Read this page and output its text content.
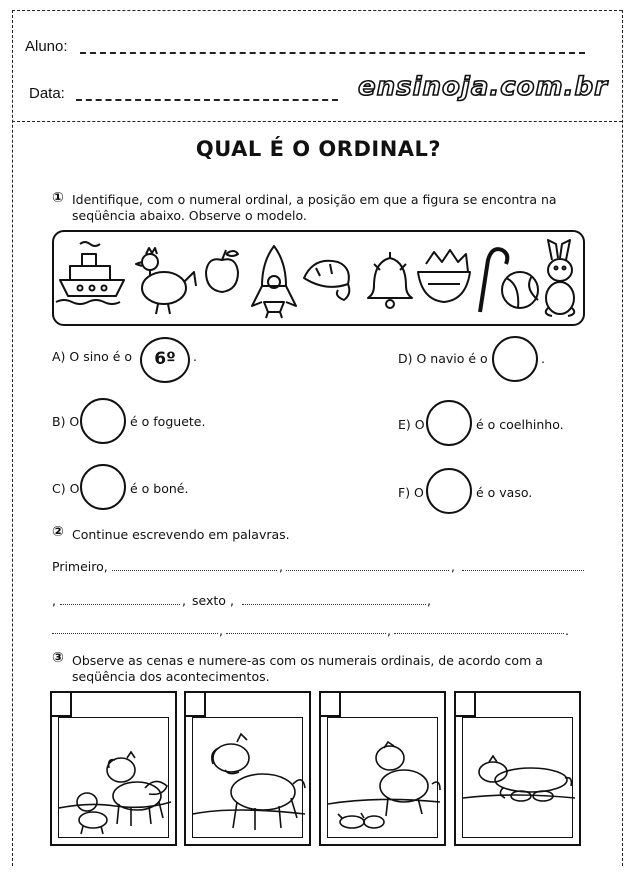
Aluno:
Data:	ensinoja.com.br
QUAL É O ORDINAL?
① Identifique, com o numeral ordinal, a posição em que a figura se encontra na
seqüência abaixo. Observe o modelo.
A) O sino é o	6º	.	D) O navio é o	.
B) O	é o foguete.	E) O	é o coelhinho.
C) O	é o boné.	F) O	é o vaso.
② Continue escrevendo em palavras.
Primeiro,	,	,
,	, sexto ,	,
,	,	.
③ Observe as cenas e numere-as com os numerais ordinais, de acordo com a
seqüência dos acontecimentos.
